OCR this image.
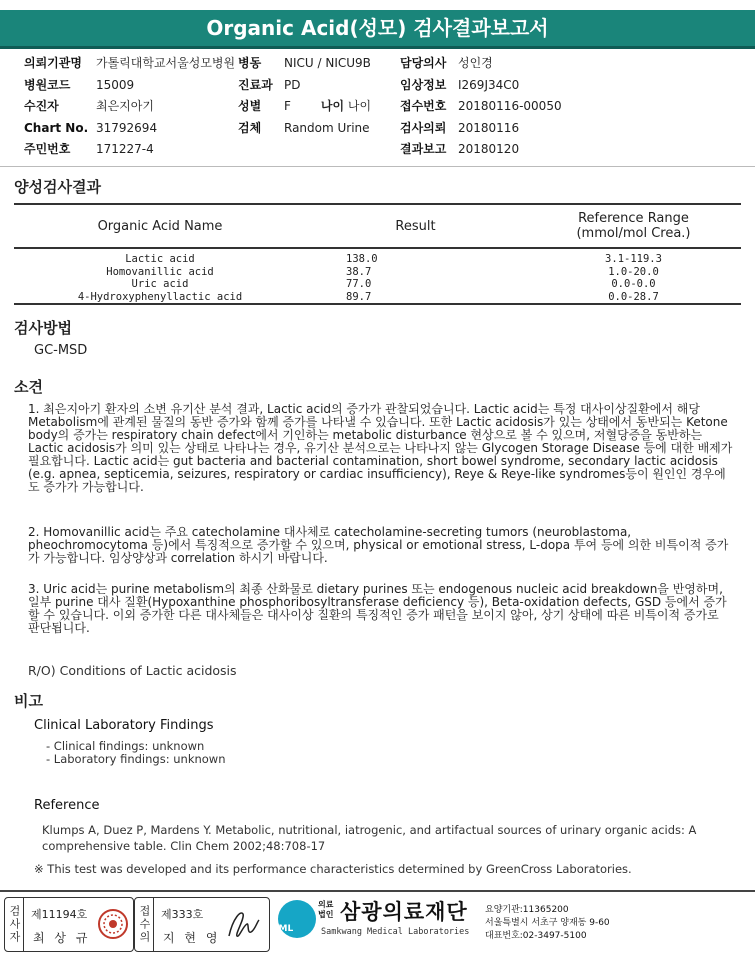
Organic Acid(성모) 검사결과보고서
의뢰기관명 가톨릭대학교서울성모병원
병원코드 15009
수진자	최은지아기
Chart No. 31792694
주민번호 171227-4
병동 NICU / NICU9B
진료과 PD
성별 F	나이 나이
검체 Random Urine
담당의사 성인경
임상정보 I269J34C0
접수번호 20180116-00050
검사의뢰 20180116
결과보고 20180120
양성검사결과
Organic Acid Name	Result	Reference Range
(mmol/mol Crea.)

Lactic acid	138.0	3.1-119.3
Homovanillic acid	38.7	1.0-20.0
Uric acid	77.0	0.0-0.0
4-Hydroxyphenyllactic acid	89.7	0.0-28.7
검사방법
GC-MSD
소견
1. 최은지아기 환자의 소변 유기산 분석 결과, Lactic acid의 증가가 관찰되었습니다. Lactic acid는 특정 대사이상질환에서 해당 Metabolism에 관계된 물질의 동반 증가와 함께 증가를 나타낼 수 있습니다. 또한 Lactic acidosis가 있는 상태에서 동반되는 Ketone body의 증가는 respiratory chain defect에서 기인하는 metabolic disturbance 현상으로 볼 수 있으며, 저혈당증을 동반하는 Lactic acidosis가 의미 있는 상태로 나타나는 경우, 유기산 분석으로는 나타나지 않는 Glycogen Storage Disease 등에 대한 배제가 필요합니다. Lactic acid는 gut bacteria and bacterial contamination, short bowel syndrome, secondary lactic acidosis (e.g. apnea, septicemia, seizures, respiratory or cardiac insufficiency), Reye & Reye-like syndromes등이 원인인 경우에도 증가가 가능합니다.
2. Homovanillic acid는 주요 catecholamine 대사체로 catecholamine-secreting tumors (neuroblastoma, pheochromocytoma 등)에서 특징적으로 증가할 수 있으며, physical or emotional stress, L-dopa 투여 등에 의한 비특이적 증가가 가능합니다. 임상양상과 correlation 하시기 바랍니다.
3. Uric acid는 purine metabolism의 최종 산화물로 dietary purines 또는 endogenous nucleic acid breakdown을 반영하며, 일부 purine 대사 질환(Hypoxanthine phosphoribosyltransferase deficiency 등), Beta-oxidation defects, GSD 등에서 증가할 수 있습니다. 이외 증가한 다른 대사체들은 대사이상 질환의 특징적인 증가 패턴을 보이지 않아, 상기 상태에 따른 비특이적 증가로 판단됩니다.
R/O) Conditions of Lactic acidosis
비고
Clinical Laboratory Findings
- Clinical findings: unknown
- Laboratory findings: unknown
Reference
Klumps A, Duez P, Mardens Y. Metabolic, nutritional, iatrogenic, and artifactual sources of urinary organic acids: A comprehensive table. Clin Chem 2002;48:708-17
※ This test was developed and its performance characteristics determined by GreenCross Laboratories.
검사자 제11194호
최 상 규	접수의 제333호
지 현 영
SML
의료
법인 삼광의료재단
Samkwang Medical Laboratories
요양기관:11365200
서울특별시 서초구 양재동 9-60
대표번호:02-3497-5100
